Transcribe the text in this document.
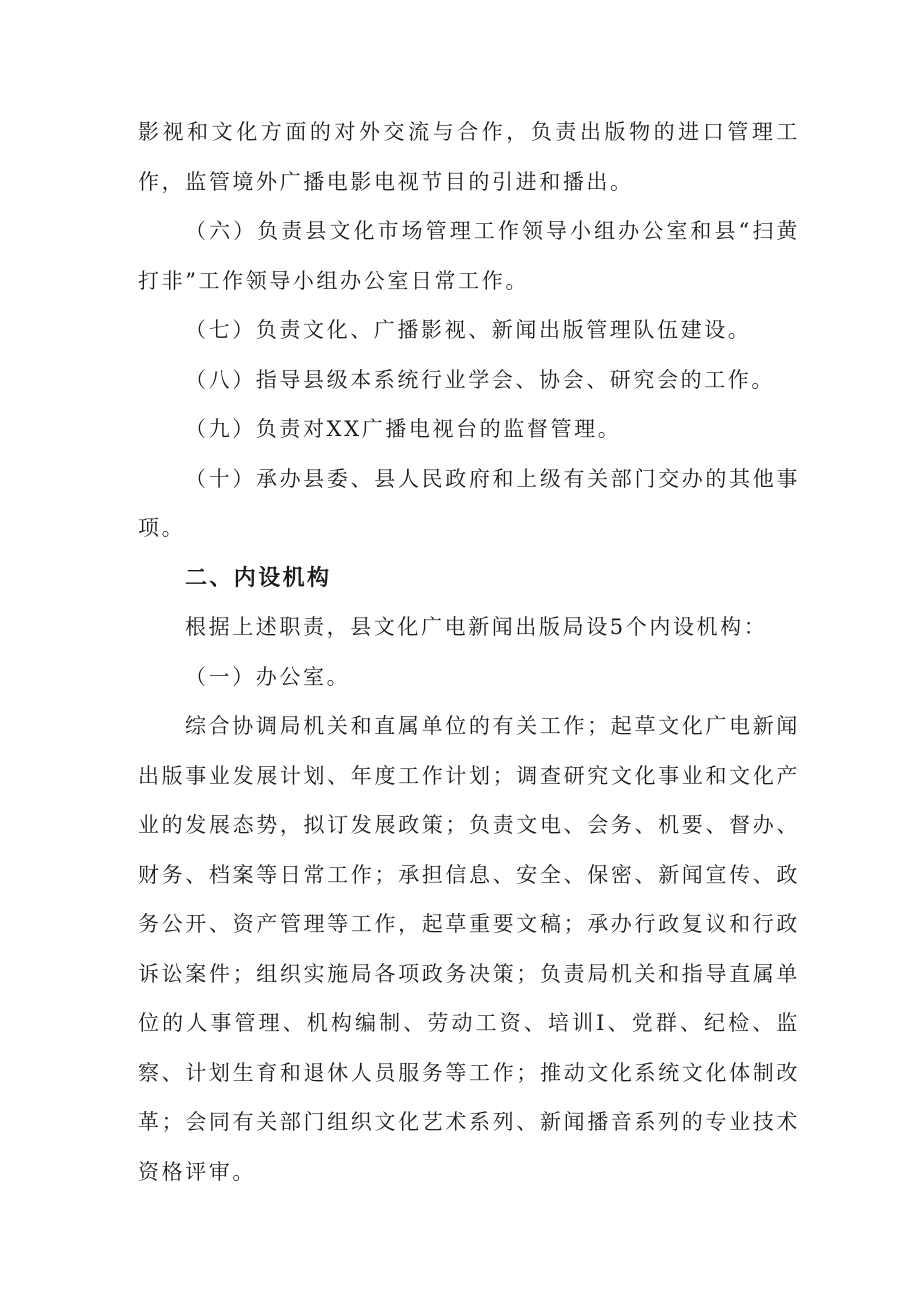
影视和文化方面的对外交流与合作，负责出版物的进口管理工作，监管境外广播电影电视节目的引进和播出。

（六）负责县文化市场管理工作领导小组办公室和县“扫黄打非”工作领导小组办公室日常工作。

（七）负责文化、广播影视、新闻出版管理队伍建设。

（八）指导县级本系统行业学会、协会、研究会的工作。

（九）负责对XX广播电视台的监督管理。

（十）承办县委、县人民政府和上级有关部门交办的其他事项。

二、内设机构

根据上述职责，县文化广电新闻出版局设5个内设机构：

（一）办公室。

综合协调局机关和直属单位的有关工作；起草文化广电新闻出版事业发展计划、年度工作计划；调查研究文化事业和文化产业的发展态势，拟订发展政策；负责文电、会务、机要、督办、财务、档案等日常工作；承担信息、安全、保密、新闻宣传、政务公开、资产管理等工作，起草重要文稿；承办行政复议和行政诉讼案件；组织实施局各项政务决策；负责局机关和指导直属单位的人事管理、机构编制、劳动工资、培训Ⅰ、党群、纪检、监察、计划生育和退休人员服务等工作；推动文化系统文化体制改革；会同有关部门组织文化艺术系列、新闻播音系列的专业技术资格评审。
